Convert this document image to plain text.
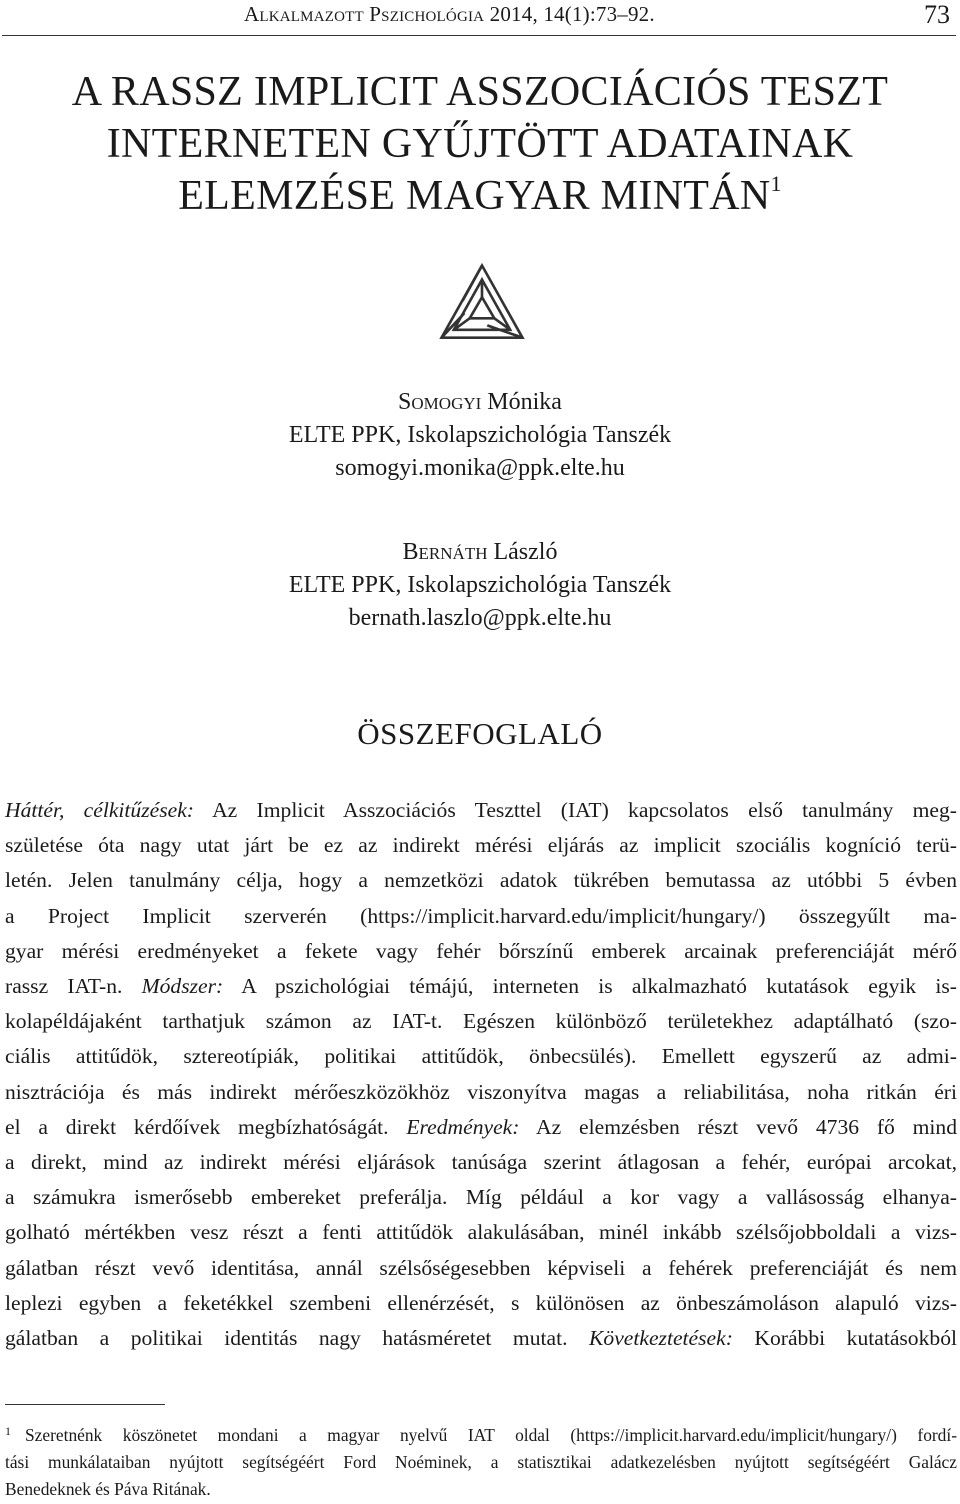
Alkalmazott Pszichológia 2014, 14(1):73–92.	73
A RASSZ IMPLICIT ASSZOCIÁCIÓS TESZT
INTERNETEN GYŰJTÖTT ADATAINAK
ELEMZÉSE MAGYAR MINTÁN$^1$
Somogyi Mónika
ELTE PPK, Iskolapszichológia Tanszék
somogyi.monika@ppk.elte.hu
Bernáth László
ELTE PPK, Iskolapszichológia Tanszék
bernath.laszlo@ppk.elte.hu
ÖSSZEFOGLALÓ
Háttér, célkitűzések: Az Implicit Asszociációs Teszttel (IAT) kapcsolatos első tanulmány meg-
születése óta nagy utat járt be ez az indirekt mérési eljárás az implicit szociális kogníció terü-
letén. Jelen tanulmány célja, hogy a nemzetközi adatok tükrében bemutassa az utóbbi 5 évben
a Project Implicit szerverén (https://implicit.harvard.edu/implicit/hungary/) összegyűlt ma-
gyar mérési eredményeket a fekete vagy fehér bőrszínű emberek arcainak preferenciáját mérő
rassz IAT-n. Módszer: A pszichológiai témájú, interneten is alkalmazható kutatások egyik is-
kolapéldájaként tarthatjuk számon az IAT-t. Egészen különböző területekhez adaptálható (szo-
ciális attitűdök, sztereotípiák, politikai attitűdök, önbecsülés). Emellett egyszerű az admi-
nisztrációja és más indirekt mérőeszközökhöz viszonyítva magas a reliabilitása, noha ritkán éri
el a direkt kérdőívek megbízhatóságát. Eredmények: Az elemzésben részt vevő 4736 fő mind
a direkt, mind az indirekt mérési eljárások tanúsága szerint átlagosan a fehér, európai arcokat,
a számukra ismerősebb embereket preferálja. Míg például a kor vagy a vallásosság elhanya-
golható mértékben vesz részt a fenti attitűdök alakulásában, minél inkább szélsőjobboldali a vizs-
gálatban részt vevő identitása, annál szélsőségesebben képviseli a fehérek preferenciáját és nem
leplezi egyben a feketékkel szembeni ellenérzését, s különösen az önbeszámoláson alapuló vizs-
gálatban a politikai identitás nagy hatásméretet mutat. Következtetések: Korábbi kutatásokból
$^1$ Szeretnénk köszönetet mondani a magyar nyelvű IAT oldal (https://implicit.harvard.edu/implicit/hungary/) fordí-
tási munkálataiban nyújtott segítségéért Ford Noéminek, a statisztikai adatkezelésben nyújtott segítségéért Galácz
Benedeknek és Páva Ritának.
